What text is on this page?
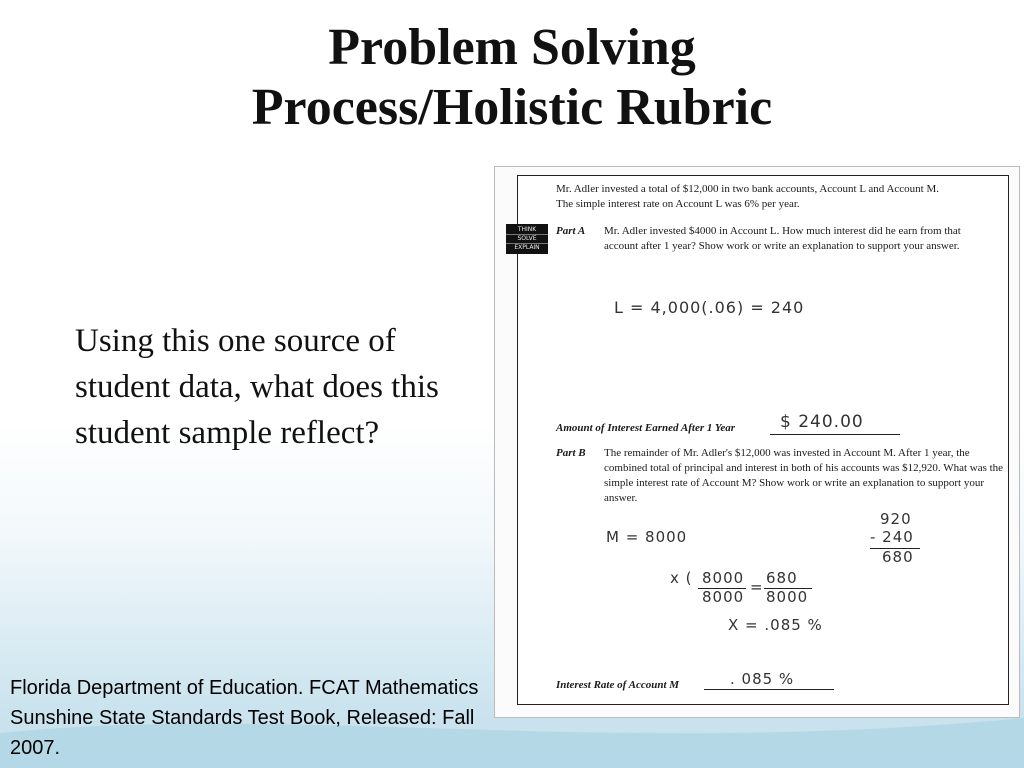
Problem Solving
Process/Holistic Rubric
Using this one source of student data, what does this student sample reflect?
Florida Department of Education. FCAT Mathematics Sunshine State Standards Test Book, Released: Fall 2007.
THINK
SOLVE
EXPLAIN

Mr. Adler invested a total of $12,000 in two bank accounts, Account L and Account M. The simple interest rate on Account L was 6% per year.

Part A Mr. Adler invested $4000 in Account L. How much interest did he earn from that account after 1 year? Show work or write an explanation to support your answer.

L = 4,000(.06) = 240

Amount of Interest Earned After 1 Year	$ 240.00

Part B The remainder of Mr. Adler's $12,000 was invested in Account M. After 1 year, the combined total of principal and interest in both of his accounts was $12,920. What was the simple interest rate of Account M? Show work or write an explanation to support your answer.

M = 8000
920
- 240
680
x ( 8000
8000
= 680
8000
X = .085 %

Interest Rate of Account M	. 085 %
